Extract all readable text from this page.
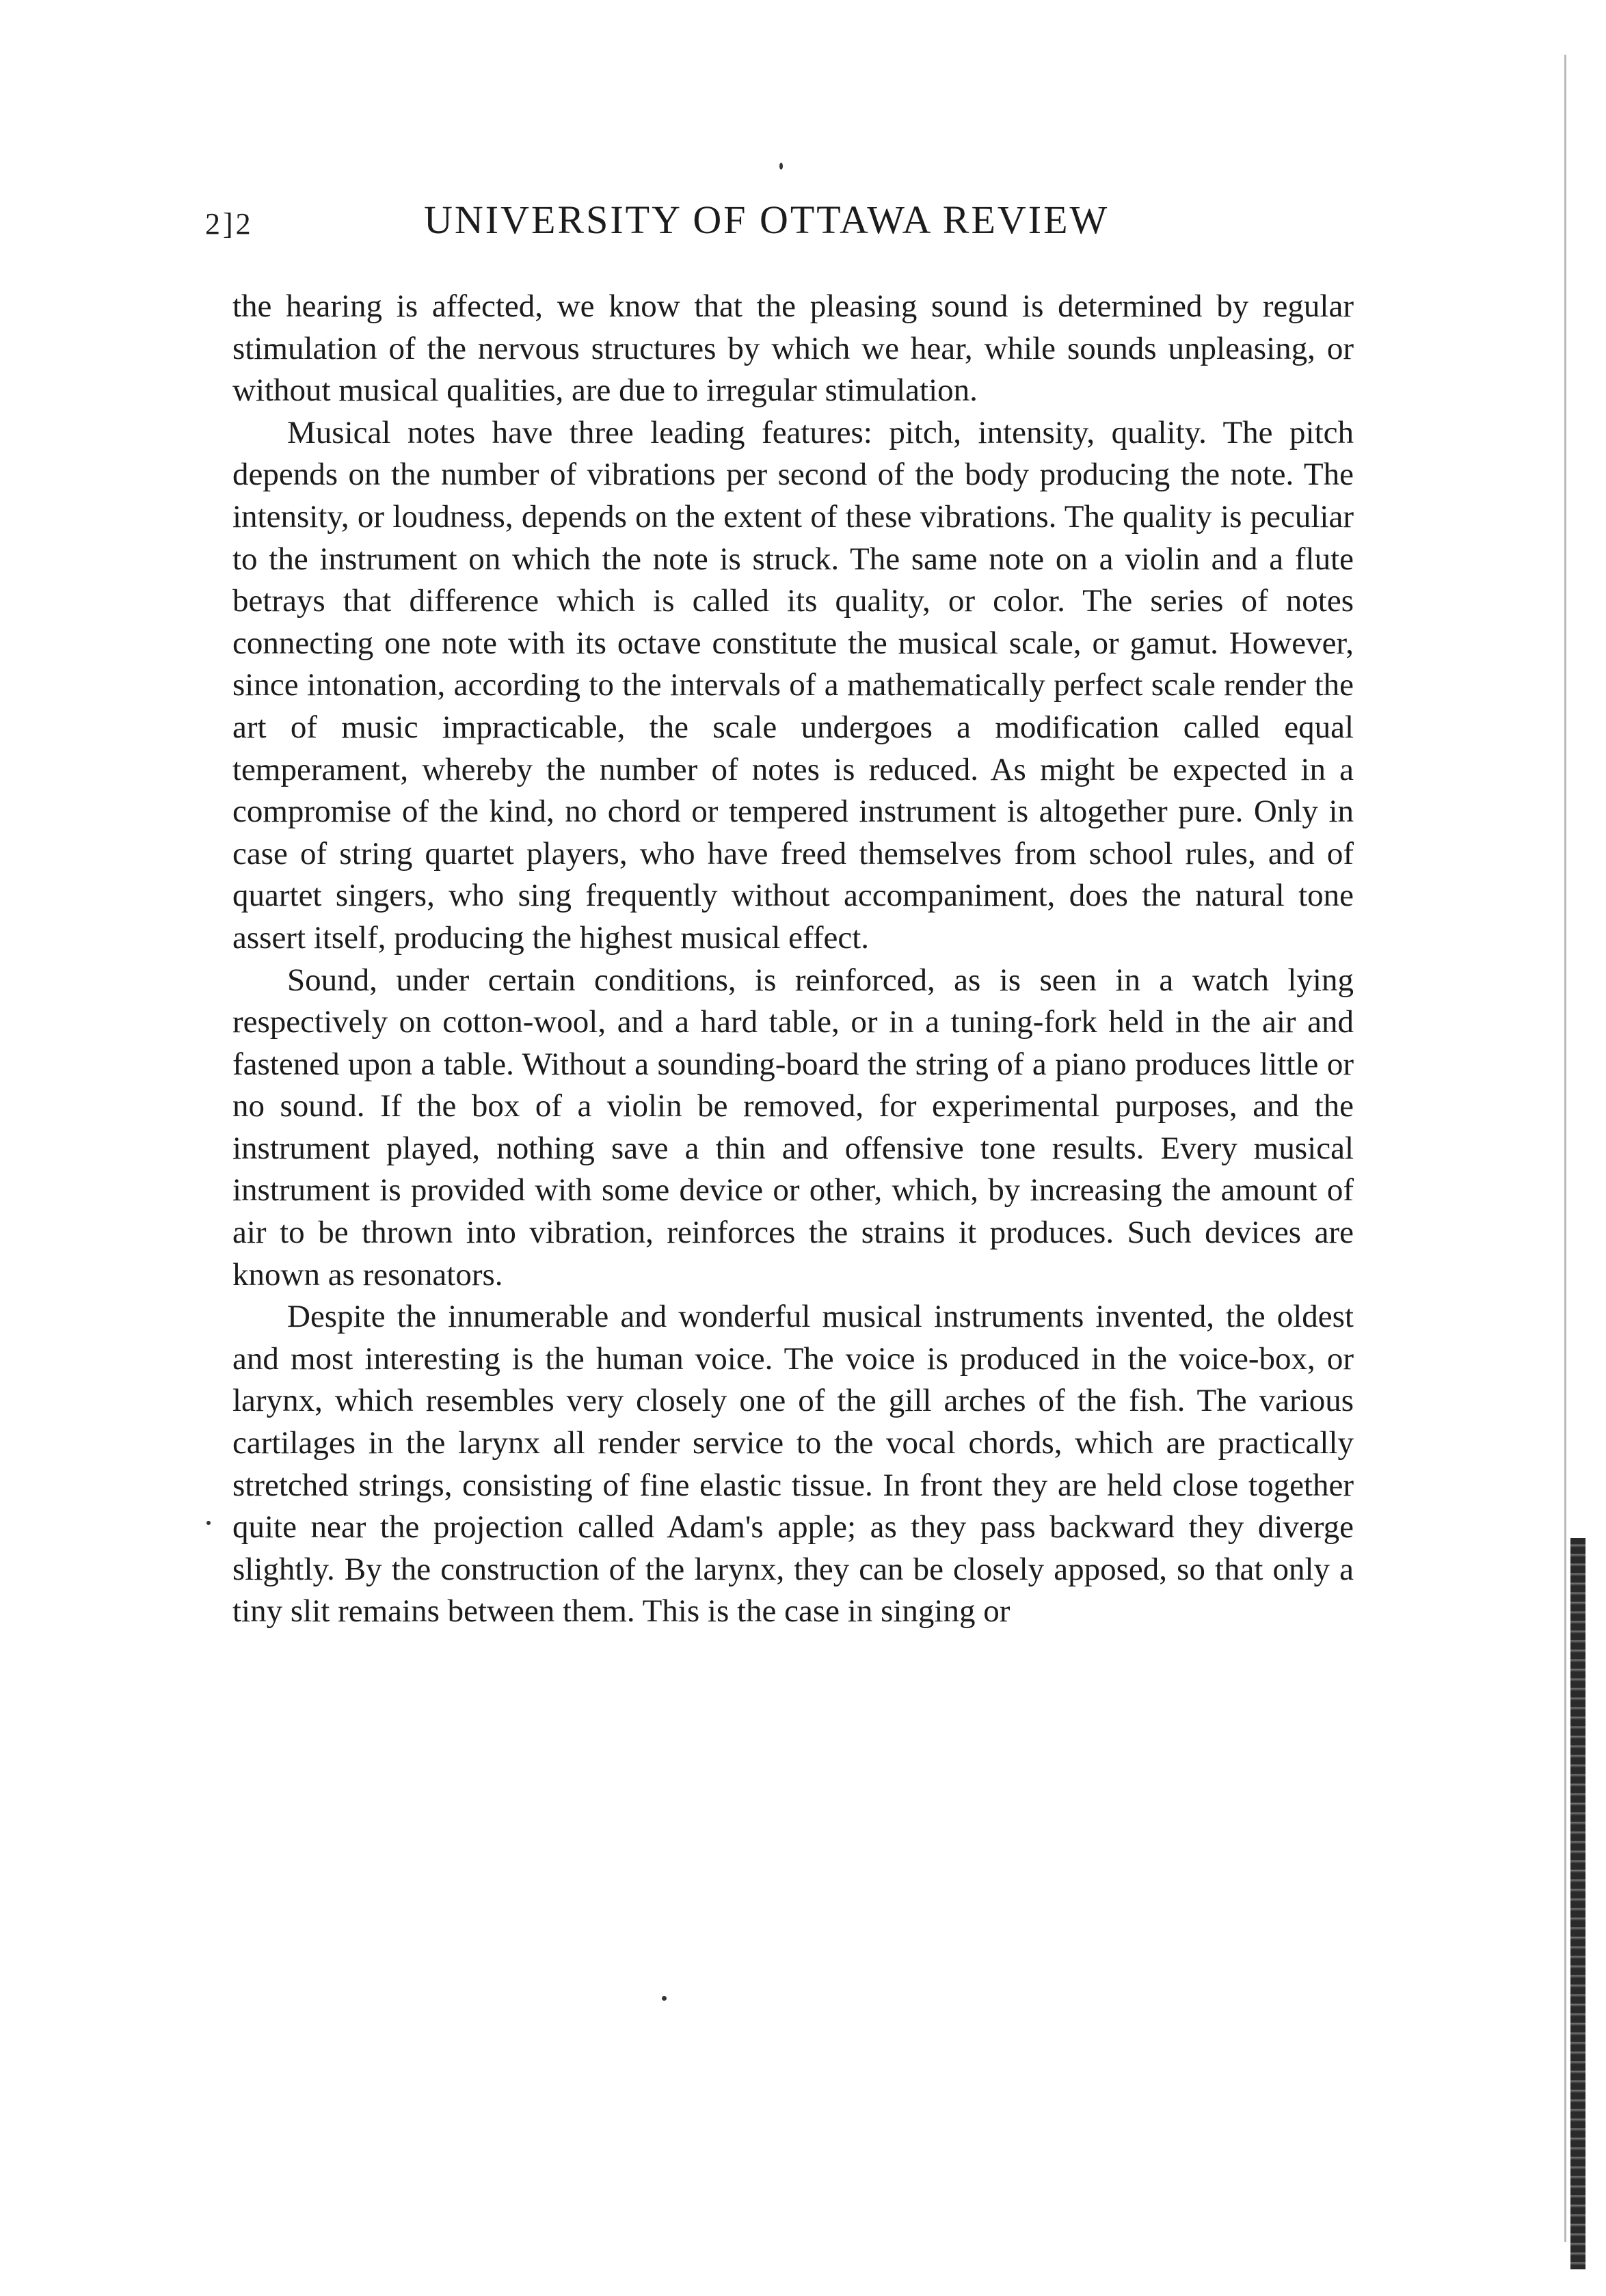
2]2	UNIVERSITY OF OTTAWA REVIEW

the hearing is affected, we know that the pleasing sound is determined by regular stimulation of the nervous structures by which we hear, while sounds unpleasing, or without musical qualities, are due to irregular stimulation.

Musical notes have three leading features: pitch, intensity, quality. The pitch depends on the number of vibrations per second of the body producing the note. The intensity, or loudness, depends on the extent of these vibrations. The quality is peculiar to the instrument on which the note is struck. The same note on a violin and a flute betrays that difference which is called its quality, or color. The series of notes connecting one note with its octave constitute the musical scale, or gamut. However, since intonation, according to the intervals of a mathematically perfect scale render the art of music impracticable, the scale undergoes a modification called equal temperament, whereby the number of notes is reduced. As might be expected in a compromise of the kind, no chord or tempered instrument is altogether pure. Only in case of string quartet players, who have freed themselves from school rules, and of quartet singers, who sing frequently without accompaniment, does the natural tone assert itself, producing the highest musical effect.

Sound, under certain conditions, is reinforced, as is seen in a watch lying respectively on cotton-wool, and a hard table, or in a tuning-fork held in the air and fastened upon a table. Without a sounding-board the string of a piano produces little or no sound. If the box of a violin be removed, for experimental purposes, and the instrument played, nothing save a thin and offensive tone results. Every musical instrument is provided with some device or other, which, by increasing the amount of air to be thrown into vibration, reinforces the strains it produces. Such devices are known as resonators.

Despite the innumerable and wonderful musical instruments invented, the oldest and most interesting is the human voice. The voice is produced in the voice-box, or larynx, which resembles very closely one of the gill arches of the fish. The various cartilages in the larynx all render service to the vocal chords, which are practically stretched strings, consisting of fine elastic tissue. In front they are held close together quite near the projection called Adam's apple; as they pass backward they diverge slightly. By the construction of the larynx, they can be closely apposed, so that only a tiny slit remains between them. This is the case in singing or
